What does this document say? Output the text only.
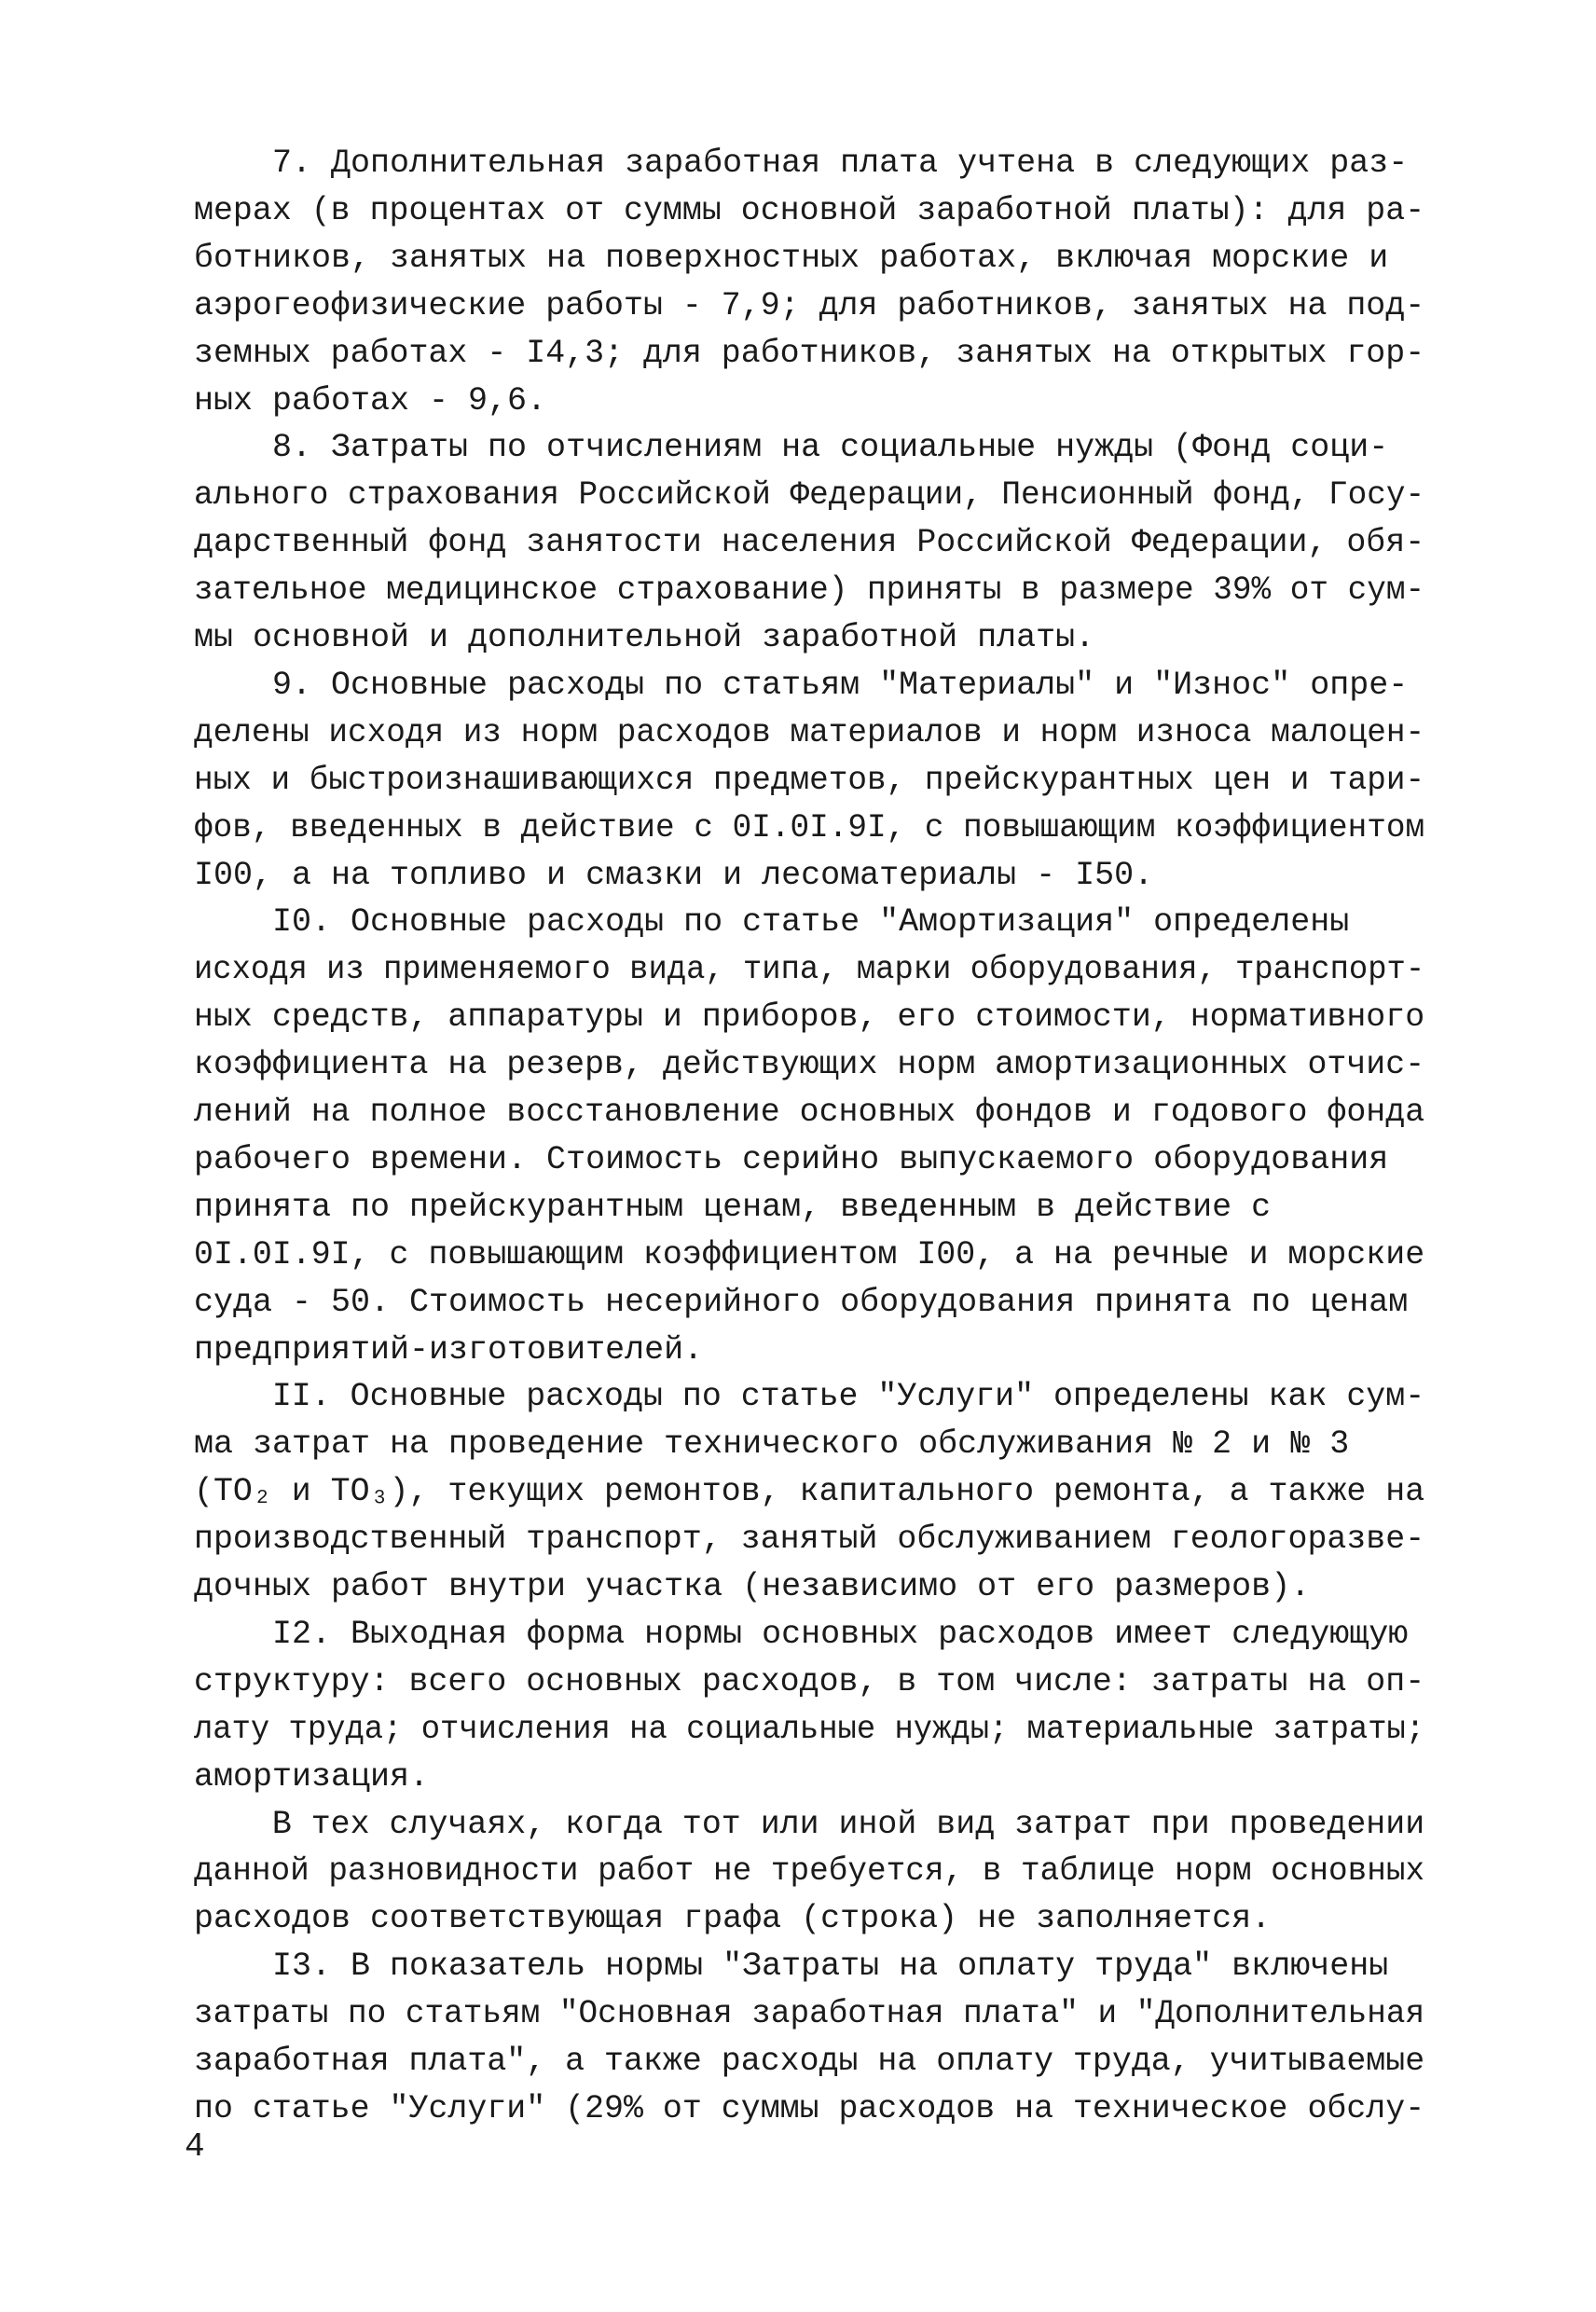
7. Дополнительная заработная плата учтена в следующих раз-

мерах (в процентах от суммы основной заработной платы): для ра-

ботников, занятых на поверхностных работах, включая морские и

аэрогеофизические работы - 7,9; для работников, занятых на под-

земных работах - I4,3; для работников, занятых на открытых гор-

ных работах - 9,6.

8. Затраты по отчислениям на социальные нужды (Фонд соци-

ального страхования Российской Федерации, Пенсионный фонд, Госу-

дарственный фонд занятости населения Российской Федерации, обя-

зательное медицинское страхование) приняты в размере 39% от сум-

мы основной и дополнительной заработной платы.

9. Основные расходы по статьям "Материалы" и "Износ" опре-

делены исходя из норм расходов материалов и норм износа малоцен-

ных и быстроизнашивающихся предметов, прейскурантных цен и тари-

фов, введенных в действие с 0I.0I.9I, с повышающим коэффициентом

I00, а на топливо и смазки и лесоматериалы - I50.

I0. Основные расходы по статье "Амортизация" определены

исходя из применяемого вида, типа, марки оборудования, транспорт-

ных средств, аппаратуры и приборов, его стоимости, нормативного

коэффициента на резерв, действующих норм амортизационных отчис-

лений на полное восстановление основных фондов и годового фонда

рабочего времени. Стоимость серийно выпускаемого оборудования

принята по прейскурантным ценам, введенным в действие с

0I.0I.9I, с повышающим коэффициентом I00, а на речные и морские

суда - 50. Стоимость несерийного оборудования принята по ценам

предприятий-изготовителей.

II. Основные расходы по статье "Услуги" определены как сум-

ма затрат на проведение технического обслуживания № 2 и № 3

(ТО₂ и ТО₃), текущих ремонтов, капитального ремонта, а также на

производственный транспорт, занятый обслуживанием геологоразве-

дочных работ внутри участка (независимо от его размеров).

I2. Выходная форма нормы основных расходов имеет следующую

структуру: всего основных расходов, в том числе: затраты на оп-

лату труда; отчисления на социальные нужды; материальные затраты;

амортизация.

В тех случаях, когда тот или иной вид затрат при проведении

данной разновидности работ не требуется, в таблице норм основных

расходов соответствующая графа (строка) не заполняется.

I3. В показатель нормы "Затраты на оплату труда" включены

затраты по статьям "Основная заработная плата" и "Дополнительная

заработная плата", а также расходы на оплату труда, учитываемые

по статье "Услуги" (29% от суммы расходов на техническое обслу-

4
